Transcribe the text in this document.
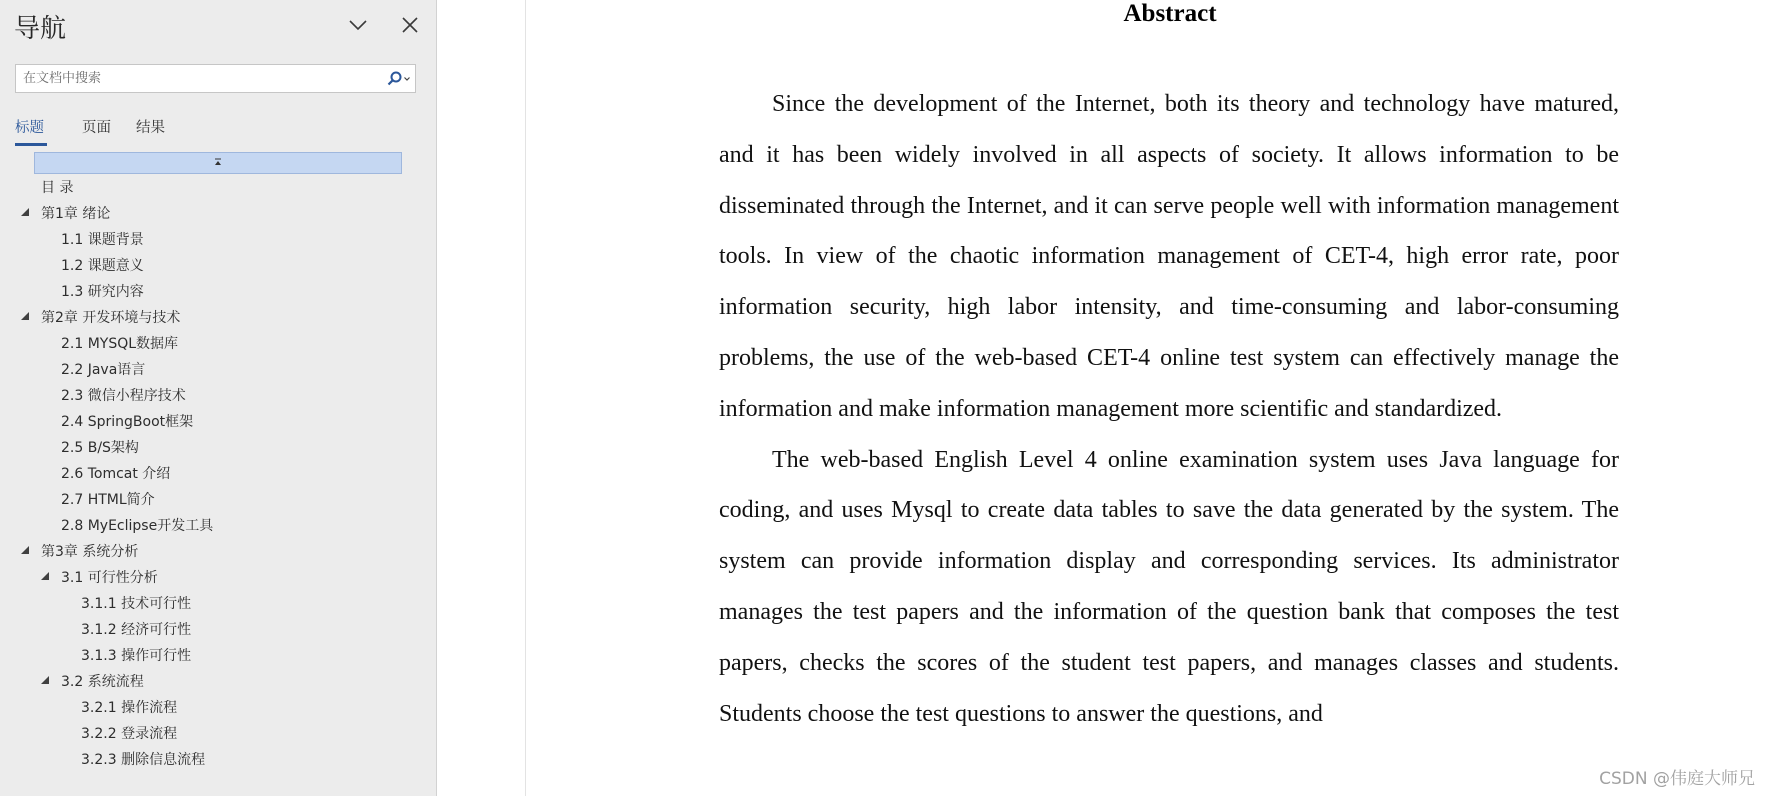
导航
在文档中搜索
标题	页面 结果
目 录
第1章 绪论
1.1 课题背景
1.2 课题意义
1.3 研究内容
第2章 开发环境与技术
2.1 MYSQL数据库
2.2 Java语言
2.3 微信小程序技术
2.4 SpringBoot框架
2.5 B/S架构
2.6 Tomcat 介绍
2.7 HTML简介
2.8 MyEclipse开发工具
第3章 系统分析
3.1 可行性分析
3.1.1 技术可行性
3.1.2 经济可行性
3.1.3 操作可行性
3.2 系统流程
3.2.1 操作流程
3.2.2 登录流程
3.2.3 删除信息流程
Abstract

Since the development of the Internet, both its theory and technology have matured, and it has been widely involved in all aspects of society. It allows information to be disseminated through the Internet, and it can serve people well with information management tools. In view of the chaotic information management of CET-4, high error rate, poor information security, high labor intensity, and time-consuming and labor-consuming problems, the use of the web-based CET-4 online test system can effectively manage the information and make information management more scientific and standardized.

The web-based English Level 4 online examination system uses Java language for coding, and uses Mysql to create data tables to save the data generated by the system. The system can provide information display and corresponding services. Its administrator manages the test papers and the information of the question bank that composes the test papers, checks the scores of the student test papers, and manages classes and students. Students choose the test questions to answer the questions, and

CSDN @伟庭大师兄
